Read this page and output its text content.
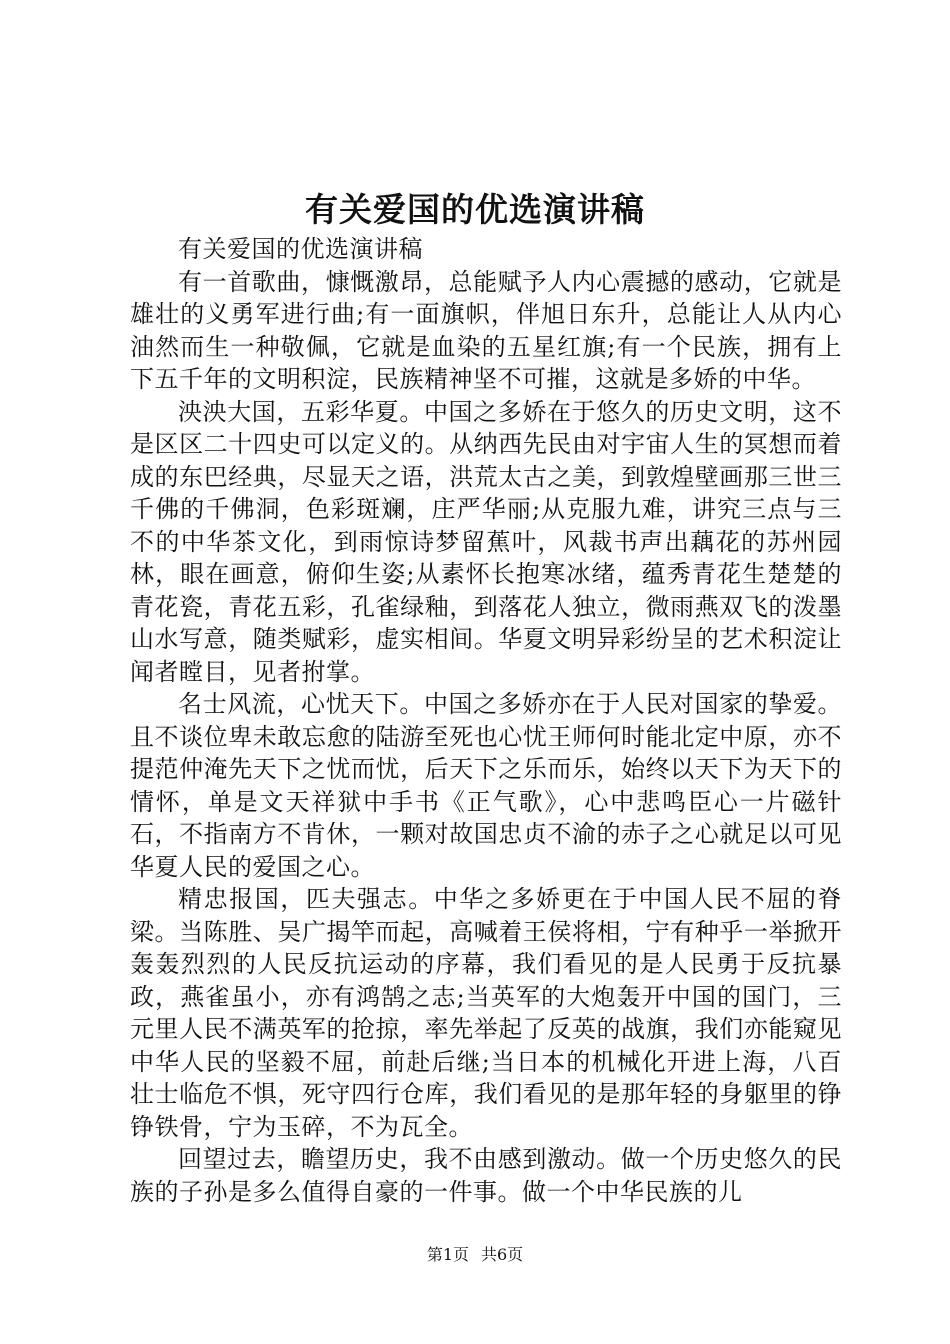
有关爱国的优选演讲稿

有关爱国的优选演讲稿

有一首歌曲，慷慨激昂，总能赋予人内心震撼的感动，它就是雄壮的义勇军进行曲;有一面旗帜，伴旭日东升，总能让人从内心油然而生一种敬佩，它就是血染的五星红旗;有一个民族，拥有上下五千年的文明积淀，民族精神坚不可摧，这就是多娇的中华。

泱泱大国，五彩华夏。中国之多娇在于悠久的历史文明，这不是区区二十四史可以定义的。从纳西先民由对宇宙人生的冥想而着成的东巴经典，尽显天之语，洪荒太古之美，到敦煌壁画那三世三千佛的千佛洞，色彩斑斓，庄严华丽;从克服九难，讲究三点与三不的中华茶文化，到雨惊诗梦留蕉叶，风裁书声出藕花的苏州园林，眼在画意，俯仰生姿;从素怀长抱寒冰绪，蕴秀青花生楚楚的青花瓷，青花五彩，孔雀绿釉，到落花人独立，微雨燕双飞的泼墨山水写意，随类赋彩，虚实相间。华夏文明异彩纷呈的艺术积淀让闻者瞠目，见者拊掌。

名士风流，心忧天下。中国之多娇亦在于人民对国家的挚爱。且不谈位卑未敢忘愈的陆游至死也心忧王师何时能北定中原，亦不提范仲淹先天下之忧而忧，后天下之乐而乐，始终以天下为天下的情怀，单是文天祥狱中手书《正气歌》，心中悲鸣臣心一片磁针石，不指南方不肯休，一颗对故国忠贞不渝的赤子之心就足以可见华夏人民的爱国之心。

精忠报国，匹夫强志。中华之多娇更在于中国人民不屈的脊梁。当陈胜、吴广揭竿而起，高喊着王侯将相，宁有种乎一举掀开轰轰烈烈的人民反抗运动的序幕，我们看见的是人民勇于反抗暴政，燕雀虽小，亦有鸿鹄之志;当英军的大炮轰开中国的国门，三元里人民不满英军的抢掠，率先举起了反英的战旗，我们亦能窥见中华人民的坚毅不屈，前赴后继;当日本的机械化开进上海，八百壮士临危不惧，死守四行仓库，我们看见的是那年轻的身躯里的铮铮铁骨，宁为玉碎，不为瓦全。

回望过去，瞻望历史，我不由感到激动。做一个历史悠久的民族的子孙是多么值得自豪的一件事。做一个中华民族的儿

第1页 共6页
